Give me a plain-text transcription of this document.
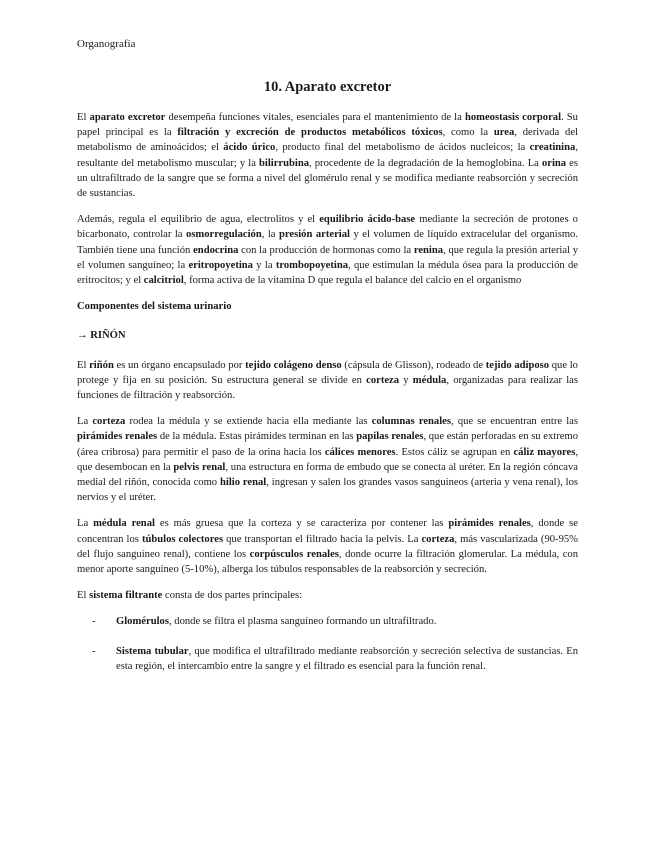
Organografía
10. Aparato excretor

El aparato excretor desempeña funciones vitales, esenciales para el mantenimiento de la homeostasis corporal. Su papel principal es la filtración y excreción de productos metabólicos tóxicos, como la urea, derivada del metabolismo de aminoácidos; el ácido úrico, producto final del metabolismo de ácidos nucleicos; la creatinina, resultante del metabolismo muscular; y la bilirrubina, procedente de la degradación de la hemoglobina. La orina es un ultrafiltrado de la sangre que se forma a nivel del glomérulo renal y se modifica mediante reabsorción y secreción de sustancias.

Además, regula el equilibrio de agua, electrolitos y el equilibrio ácido-base mediante la secreción de protones o bicarbonato, controlar la osmorregulación, la presión arterial y el volumen de líquido extracelular del organismo. También tiene una función endocrina con la producción de hormonas como la renina, que regula la presión arterial y el volumen sanguíneo; la eritropoyetina y la trombopoyetina, que estimulan la médula ósea para la producción de eritrocitos; y el calcitriol, forma activa de la vitamina D que regula el balance del calcio en el organismo

Componentes del sistema urinario
→ RIÑÓN

El riñón es un órgano encapsulado por tejido colágeno denso (cápsula de Glisson), rodeado de tejido adiposo que lo protege y fija en su posición. Su estructura general se divide en corteza y médula, organizadas para realizar las funciones de filtración y reabsorción.

La corteza rodea la médula y se extiende hacia ella mediante las columnas renales, que se encuentran entre las pirámides renales de la médula. Estas pirámides terminan en las papilas renales, que están perforadas en su extremo (área cribrosa) para permitir el paso de la orina hacia los cálices menores. Estos cáliz se agrupan en cáliz mayores, que desembocan en la pelvis renal, una estructura en forma de embudo que se conecta al uréter. En la región cóncava medial del riñón, conocida como hilio renal, ingresan y salen los grandes vasos sanguíneos (arteria y vena renal), los nervios y el uréter.

La médula renal es más gruesa que la corteza y se caracteriza por contener las pirámides renales, donde se concentran los túbulos colectores que transportan el filtrado hacia la pelvis. La corteza, más vascularizada (90-95% del flujo sanguíneo renal), contiene los corpúsculos renales, donde ocurre la filtración glomerular. La médula, con menor aporte sanguíneo (5-10%), alberga los túbulos responsables de la reabsorción y secreción.

El sistema filtrante consta de dos partes principales:

- Glomérulos, donde se filtra el plasma sanguíneo formando un ultrafiltrado.
- Sistema tubular, que modifica el ultrafiltrado mediante reabsorción y secreción selectiva de sustancias. En esta región, el intercambio entre la sangre y el filtrado es esencial para la función renal.
